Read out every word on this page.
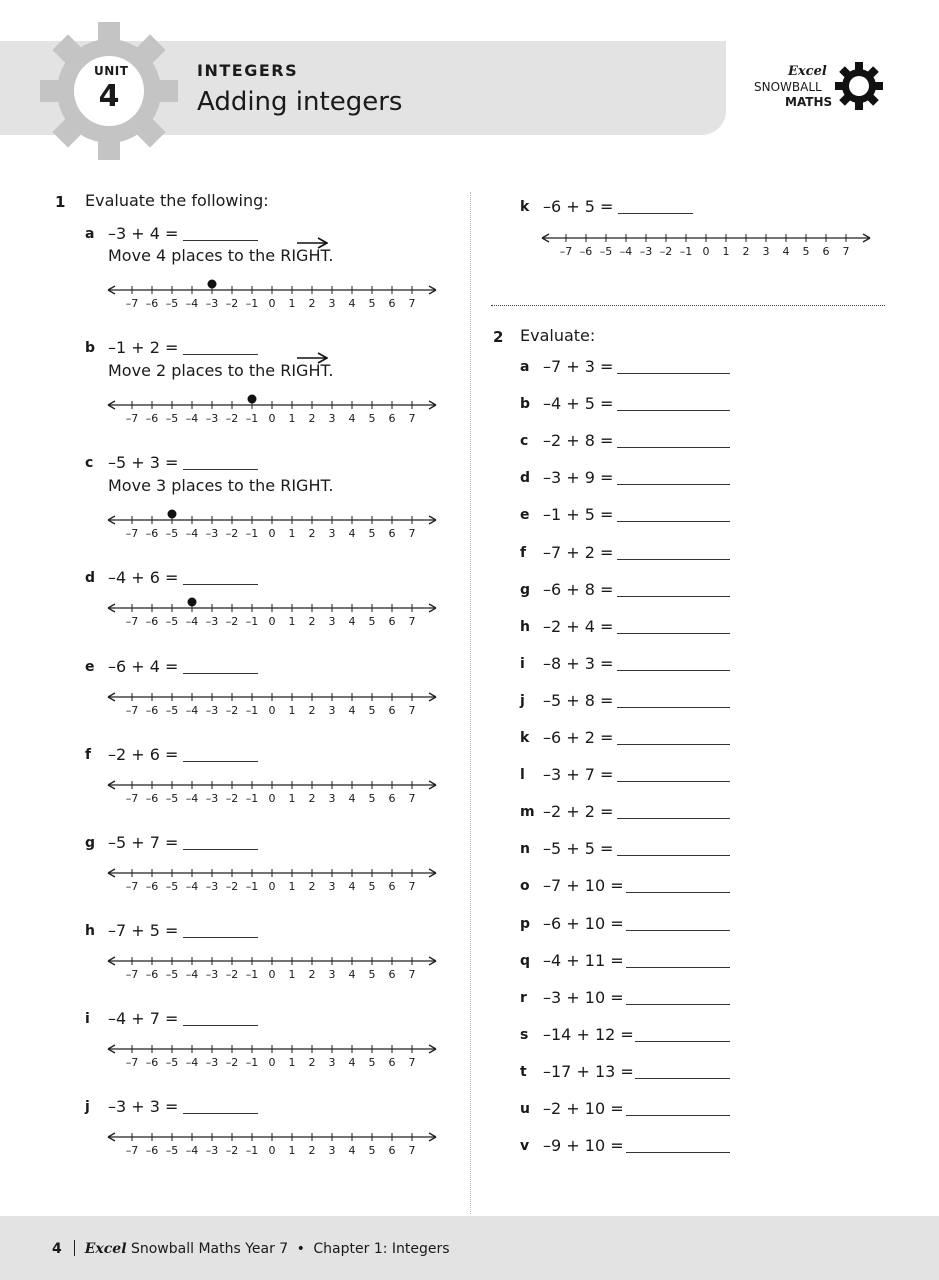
UNIT
4
INTEGERS
Adding integers
Excel
SNOWBALL
MATHS
1 Evaluate the following:
a –3 + 4 =
Move 4 places to the RIGHT.
–7 –6 –5 –4 –3 –2 –1 0	1	2	3	4	5	6	7
b –1 + 2 =
Move 2 places to the RIGHT.
–7 –6 –5 –4 –3 –2 –1 0	1	2	3	4	5	6	7
c –5 + 3 =
Move 3 places to the RIGHT.
–7 –6 –5 –4 –3 –2 –1 0	1	2	3	4	5	6	7
d –4 + 6 =
–7 –6 –5 –4 –3 –2 –1 0	1	2	3	4	5	6	7
e –6 + 4 =
–7 –6 –5 –4 –3 –2 –1 0	1	2	3	4	5	6	7
f –2 + 6 =
–7 –6 –5 –4 –3 –2 –1 0	1	2	3	4	5	6	7
g –5 + 7 =
–7 –6 –5 –4 –3 –2 –1 0	1	2	3	4	5	6	7
h –7 + 5 =
–7 –6 –5 –4 –3 –2 –1 0	1	2	3	4	5	6	7
i –4 + 7 =
–7 –6 –5 –4 –3 –2 –1 0	1	2	3	4	5	6	7
j –3 + 3 =
–7 –6 –5 –4 –3 –2 –1 0	1	2	3	4	5	6	7
k –6 + 5 =
–7 –6 –5 –4 –3 –2 –1 0	1	2	3	4	5	6	7
2 Evaluate:
a –7 + 3 =
b –4 + 5 =
c –2 + 8 =
d –3 + 9 =
e –1 + 5 =
f –7 + 2 =
g –6 + 8 =
h –2 + 4 =
i –8 + 3 =
j –5 + 8 =
k –6 + 2 =
l –3 + 7 =
m –2 + 2 =
n –5 + 5 =
o –7 + 10 =
p –6 + 10 =
q –4 + 11 =
r –3 + 10 =
s –14 + 12 =
t –17 + 13 =
u –2 + 10 =
v –9 + 10 =
4 Excel Snowball Maths Year 7 • Chapter 1: Integers
